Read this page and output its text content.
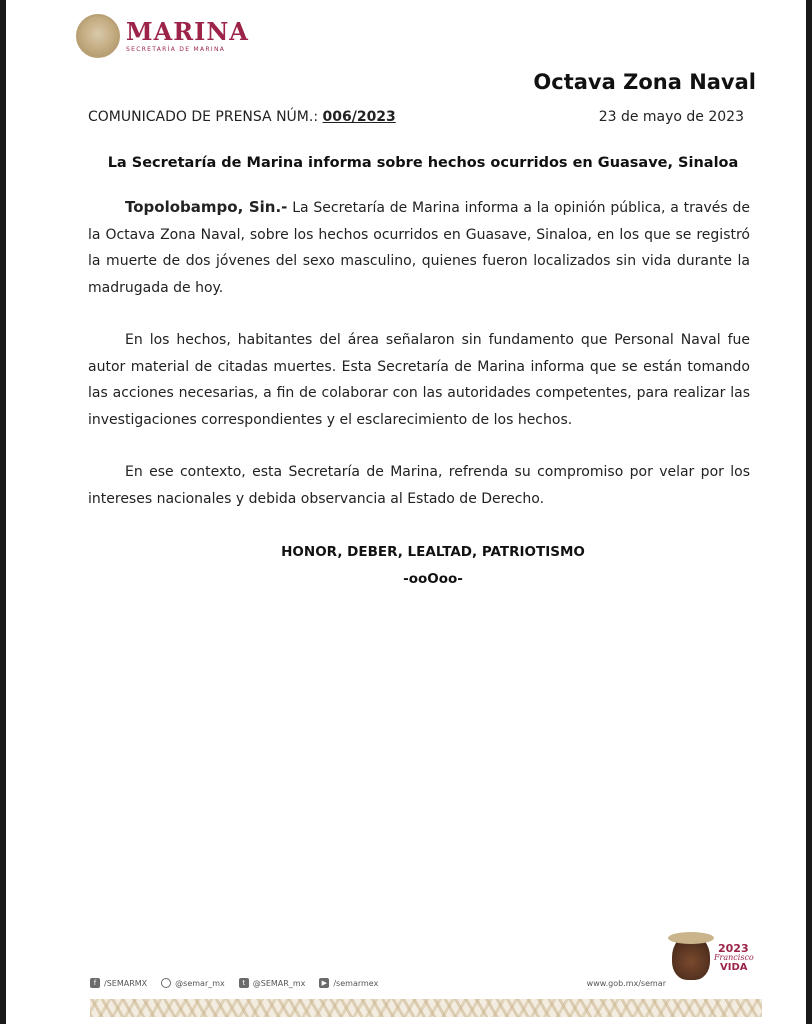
MARINA
SECRETARÍA DE MARINA
Octava Zona Naval
COMUNICADO DE PRENSA NÚM.: 006/2023	23 de mayo de 2023
La Secretaría de Marina informa sobre hechos ocurridos en Guasave, Sinaloa

Topolobampo, Sin.- La Secretaría de Marina informa a la opinión pública, a través de la Octava Zona Naval, sobre los hechos ocurridos en Guasave, Sinaloa, en los que se registró la muerte de dos jóvenes del sexo masculino, quienes fueron localizados sin vida durante la madrugada de hoy.

En los hechos, habitantes del área señalaron sin fundamento que Personal Naval fue autor material de citadas muertes. Esta Secretaría de Marina informa que se están tomando las acciones necesarias, a fin de colaborar con las autoridades competentes, para realizar las investigaciones correspondientes y el esclarecimiento de los hechos.

En ese contexto, esta Secretaría de Marina, refrenda su compromiso por velar por los intereses nacionales y debida observancia al Estado de Derecho.

HONOR, DEBER, LEALTAD, PATRIOTISMO
-ooOoo-
2023
Francisco
VIDA
f /SEMARMX	@semar_mx	t @SEMAR_mx	▶ /semarmex	www.gob.mx/semar
